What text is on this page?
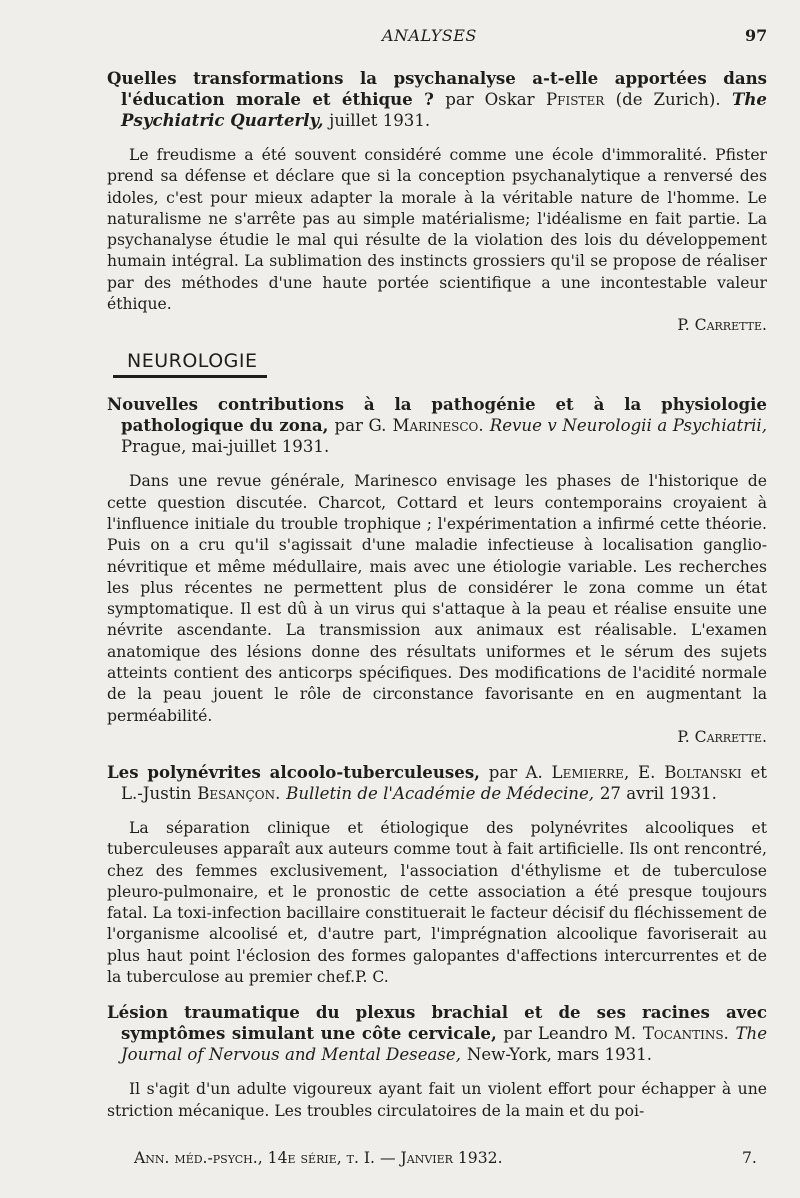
ANALYSES	97

Quelles transformations la psychanalyse a-t-elle apportées dans l'éducation morale et éthique ? par Oskar Pfister (de Zurich). The Psychiatric Quarterly, juillet 1931.

Le freudisme a été souvent considéré comme une école d'immoralité. Pfister prend sa défense et déclare que si la conception psychanalytique a renversé des idoles, c'est pour mieux adapter la morale à la véritable nature de l'homme. Le naturalisme ne s'arrête pas au simple matérialisme; l'idéalisme en fait partie. La psychanalyse étudie le mal qui résulte de la violation des lois du développement humain intégral. La sublimation des instincts grossiers qu'il se propose de réaliser par des méthodes d'une haute portée scientifique a une incontestable valeur éthique.

P. Carrette.

NEUROLOGIE

Nouvelles contributions à la pathogénie et à la physiologie pathologique du zona, par G. Marinesco. Revue v Neurologii a Psychiatrii, Prague, mai-juillet 1931.

Dans une revue générale, Marinesco envisage les phases de l'historique de cette question discutée. Charcot, Cottard et leurs contemporains croyaient à l'influence initiale du trouble trophique ; l'expérimentation a infirmé cette théorie. Puis on a cru qu'il s'agissait d'une maladie infectieuse à localisation ganglio-névritique et même médullaire, mais avec une étiologie variable. Les recherches les plus récentes ne permettent plus de considérer le zona comme un état symptomatique. Il est dû à un virus qui s'attaque à la peau et réalise ensuite une névrite ascendante. La transmission aux animaux est réalisable. L'examen anatomique des lésions donne des résultats uniformes et le sérum des sujets atteints contient des anticorps spécifiques. Des modifications de l'acidité normale de la peau jouent le rôle de circonstance favorisante en en augmentant la perméabilité.

P. Carrette.

Les polynévrites alcoolo-tuberculeuses, par A. Lemierre, E. Boltanski et L.-Justin Besançon. Bulletin de l'Académie de Médecine, 27 avril 1931.

La séparation clinique et étiologique des polynévrites alcooliques et tuberculeuses apparaît aux auteurs comme tout à fait artificielle. Ils ont rencontré, chez des femmes exclusivement, l'association d'éthylisme et de tuberculose pleuro-pulmonaire, et le pronostic de cette association a été presque toujours fatal. La toxi-infection bacillaire constituerait le facteur décisif du fléchissement de l'organisme alcoolisé et, d'autre part, l'imprégnation alcoolique favoriserait au plus haut point l'éclosion des formes galopantes d'affections intercurrentes et de la tuberculose au premier chef.P. C.

Lésion traumatique du plexus brachial et de ses racines avec symptômes simulant une côte cervicale, par Leandro M. Tocantins. The Journal of Nervous and Mental Desease, New-York, mars 1931.

Il s'agit d'un adulte vigoureux ayant fait un violent effort pour échapper à une striction mécanique. Les troubles circulatoires de la main et du poi-

Ann. méd.-psych., 14e série, t. I. — Janvier 1932.	7.
